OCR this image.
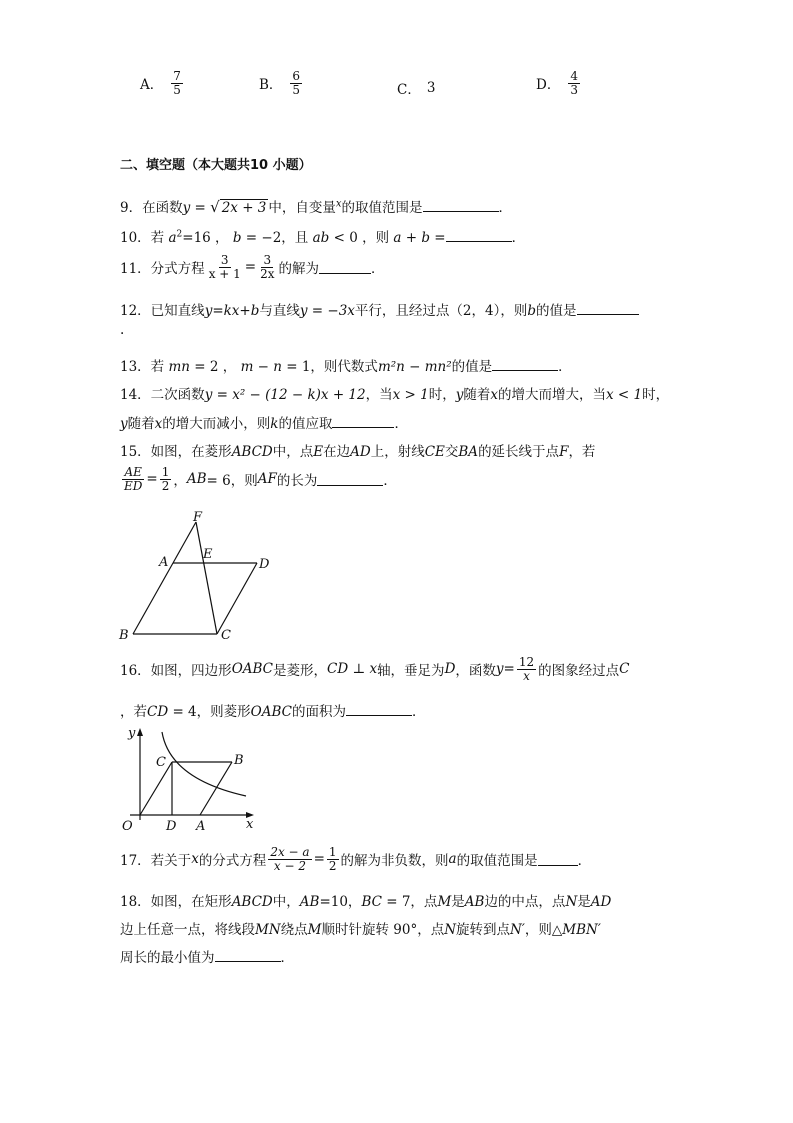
A． $\frac{7}{5}$	B． $\frac{6}{5}$	C． 3	D． $\frac{4}{3}$
二、填空题（本大题共10 小题）
9．在函数y = √ 2x + 3 中，自变量$^x$的取值范围是	．
10．若 $a^2=16$ ， b = −2，且 ab < 0 ，则 a + b =	．
11．分式方程 $\frac{3}{x + 1} = \frac{3}{2x}$ 的解为	．
12．已知直线y=kx+b与直线y = −3x平行，且经过点（2，4），则b的值是
.
13．若 mn = 2 ， m − n = 1，则代数式m²n − mn²的值是	．
14．二次函数y = x² − (12 − k)x + 12，当x > 1时，y随着x的增大而增大，当x < 1时，
y随着x的增大而减小，则k的值应取	．
15．如图，在菱形ABCD中，点E在边AD上，射线CE交BA的延长线于点F，若
$\frac{AE}{ED} = \frac{1}{2}$ ， AB = 6，则 AF 的长为	．
F
A
E
D
B	C
16．如图，四边形 OABC 是菱形， CD ⊥ x 轴，垂足为 D ，函数 $y = \frac{12}{x}$ 的图象经过点 C
，若CD = 4，则菱形OABC的面积为	．
y
x
O
C	B
D A
17．若关于 x 的分式方程 $\frac{2x - a}{x - 2} = \frac{1}{2}$ 的解为非负数，则 a 的取值范围是	．
18．如图，在矩形ABCD中，AB=10，BC = 7，点M是AB边的中点，点N是AD
边上任意一点，将线段MN绕点M顺时针旋转 90°，点N旋转到点N′，则△MBN′
周长的最小值为	．
